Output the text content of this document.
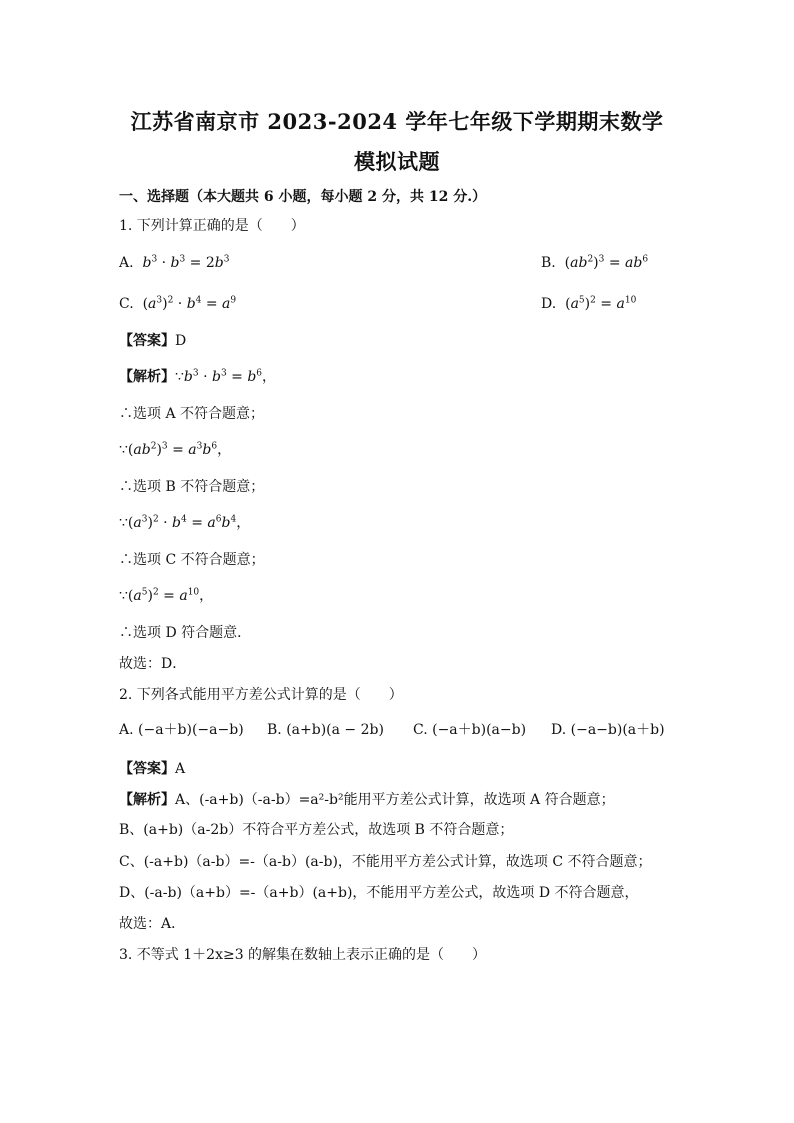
江苏省南京市 2023-2024 学年七年级下学期期末数学
模拟试题
一、选择题（本大题共 6 小题，每小题 2 分，共 12 分.）
1. 下列计算正确的是（　　）
A. $b^3 \cdot b^3 = 2b^3$	B.  $(ab^2)^3 = ab^6$
C.  $(a^3)^2 \cdot b^4 = a^9$	D.  $(a^5)^2 = a^{10}$
【答案】D
【解析】$\because b^3 \cdot b^3 = b^6$，
∴选项 A 不符合题意；
$\because(ab^2)^3 = a^3b^6$，
∴选项 B 不符合题意；
$\because(a^3)^2 \cdot b^4 = a^6b^4$，
∴选项 C 不符合题意；
$\because(a^5)^2 = a^{10}$，
∴选项 D 符合题意．
故选：D．
2. 下列各式能用平方差公式计算的是（　　）
A. (−a＋b)(−a−b) B. (a+b)(a − 2b) C. (−a＋b)(a−b) D. (−a−b)(a＋b)
【答案】A
【解析】A、(-a+b)（-a-b）=a²-b²能用平方差公式计算，故选项 A 符合题意；
B、(a+b)（a-2b）不符合平方差公式，故选项 B 不符合题意；
C、(-a+b)（a-b）=-（a-b）(a-b)，不能用平方差公式计算，故选项 C 不符合题意；
D、(-a-b)（a+b）=-（a+b）(a+b)，不能用平方差公式，故选项 D 不符合题意，
故选：A．
3. 不等式 1＋2x≥3 的解集在数轴上表示正确的是（　　）
